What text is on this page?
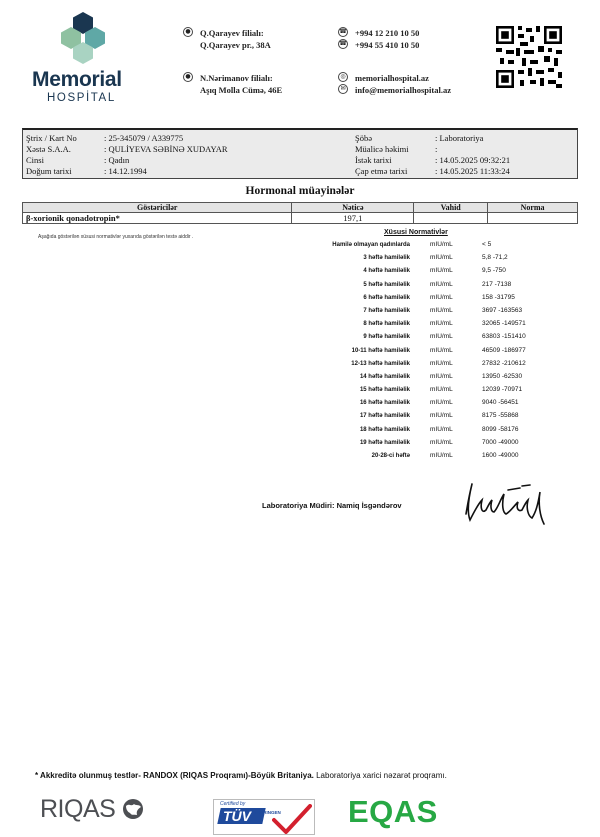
Memorial
HOSPİTAL
● Q.Qarayev filialı:
Q.Qarayev pr., 38A
● N.Nərimanov filialı:
Aşıq Molla Cümə, 46E
☎ +994 12 210 10 50
☎ +994 55 410 10 50
◎ memorialhospital.az
✉ info@memorialhospital.az
Ştrix / Kart No	: 25-345079 / A339775
Xəstə S.A.A.	: QULİYEVA SƏBİNƏ XUDAYAR
Cinsi	: Qadın
Doğum tarixi	: 14.12.1994
Şöbə	: Laboratoriya
Müalicə həkimi	:
İstək tarixi	: 14.05.2025 09:32:21
Çap etmə tarixi	: 14.05.2025 11:33:24
Hormonal müayinələr
Göstəricilər	Nəticə	Vahid	Norma
β-xorionik qonadotropin*	197,1		
Aşağıda göstərilən xüsusi normativlər yuxarıda göstərilən testə aiddir .
Xüsusi Normativlər
Hamilə olmayan qadınlarda	mIU/mL	< 5
3 həftə hamiləlik	mIU/mL	5,8 -71,2
4 həftə hamiləlik	mIU/mL	9,5 -750
5 həftə hamiləlik	mIU/mL	217 -7138
6 həftə hamiləlik	mIU/mL	158 -31795
7 həftə hamiləlik	mIU/mL	3697 -163563
8 həftə hamiləlik	mIU/mL	32065 -149571
9 həftə hamiləlik	mIU/mL	63803 -151410
10-11 həftə hamiləlik	mIU/mL	46509 -186977
12-13 həftə hamiləlik	mIU/mL	27832 -210612
14 həftə hamiləlik	mIU/mL	13950 -62530
15 həftə hamiləlik	mIU/mL	12039 -70971
16 həftə hamiləlik	mIU/mL	9040 -56451
17 həftə hamiləlik	mIU/mL	8175 -55868
18 həftə hamiləlik	mIU/mL	8099 -58176
19 həftə hamiləlik	mIU/mL	7000 -49000
20-28-ci həftə	mIU/mL	1600 -49000
Laboratoriya Müdiri: Namiq İsgəndərov
* Akkreditə olunmuş testlər- RANDOX (RIQAS Proqramı)-Böyük Britaniya. Laboratoriya xarici nəzarət proqramı.
RIQAS	Certified by
TÜV THÜRINGEN EQAS
